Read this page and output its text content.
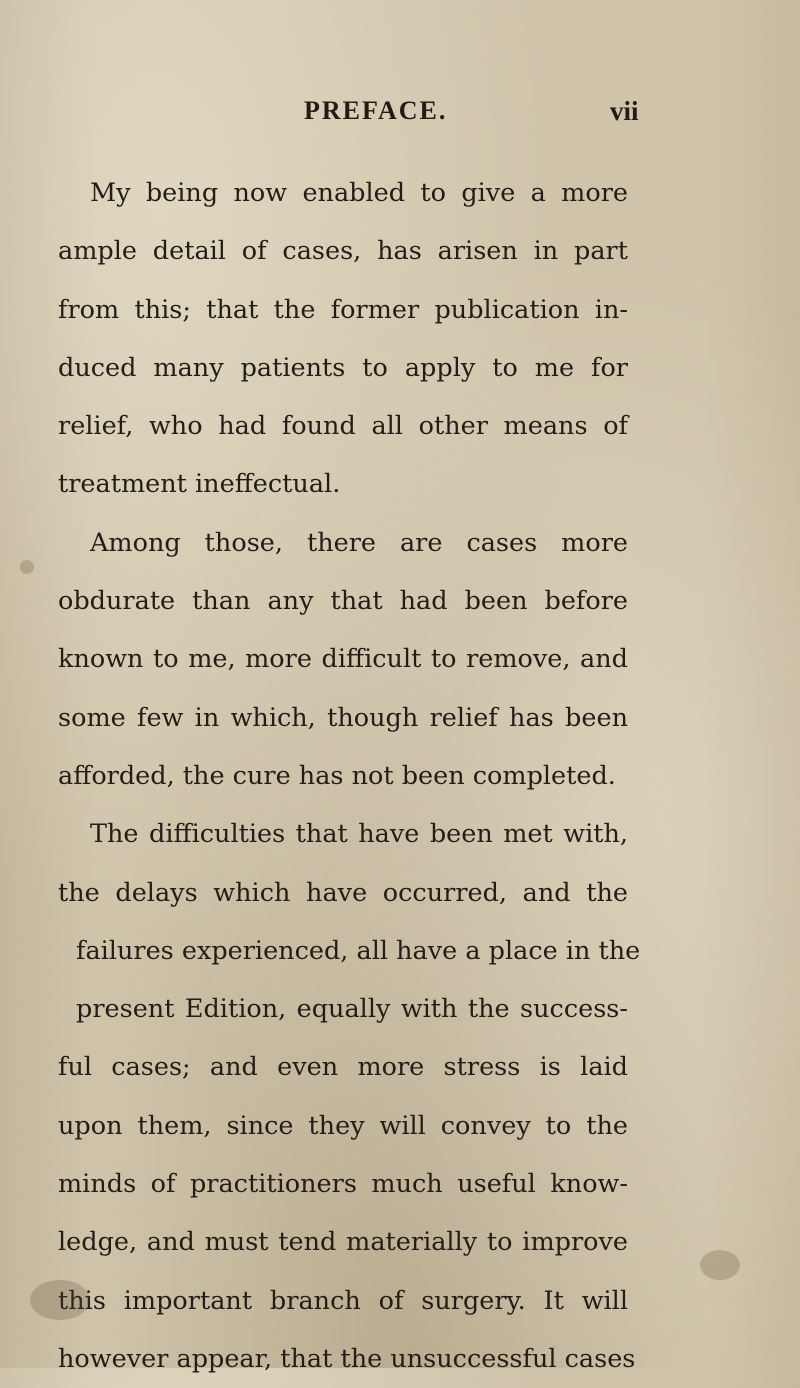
PREFACE.	vii
My being now enabled to give a more
ample detail of cases, has arisen in part
from this; that the former publication in-
duced many patients to apply to me for
relief, who had found all other means of
treatment ineffectual.
Among those, there are cases more
obdurate than any that had been before
known to me, more difficult to remove, and
some few in which, though relief has been
afforded, the cure has not been completed.
The difficulties that have been met with,
the delays which have occurred, and the
failures experienced, all have a place in the
present Edition, equally with the success-
ful cases; and even more stress is laid
upon them, since they will convey to the
minds of practitioners much useful know-
ledge, and must tend materially to improve
this important branch of surgery. It will
however appear, that the unsuccessful cases
